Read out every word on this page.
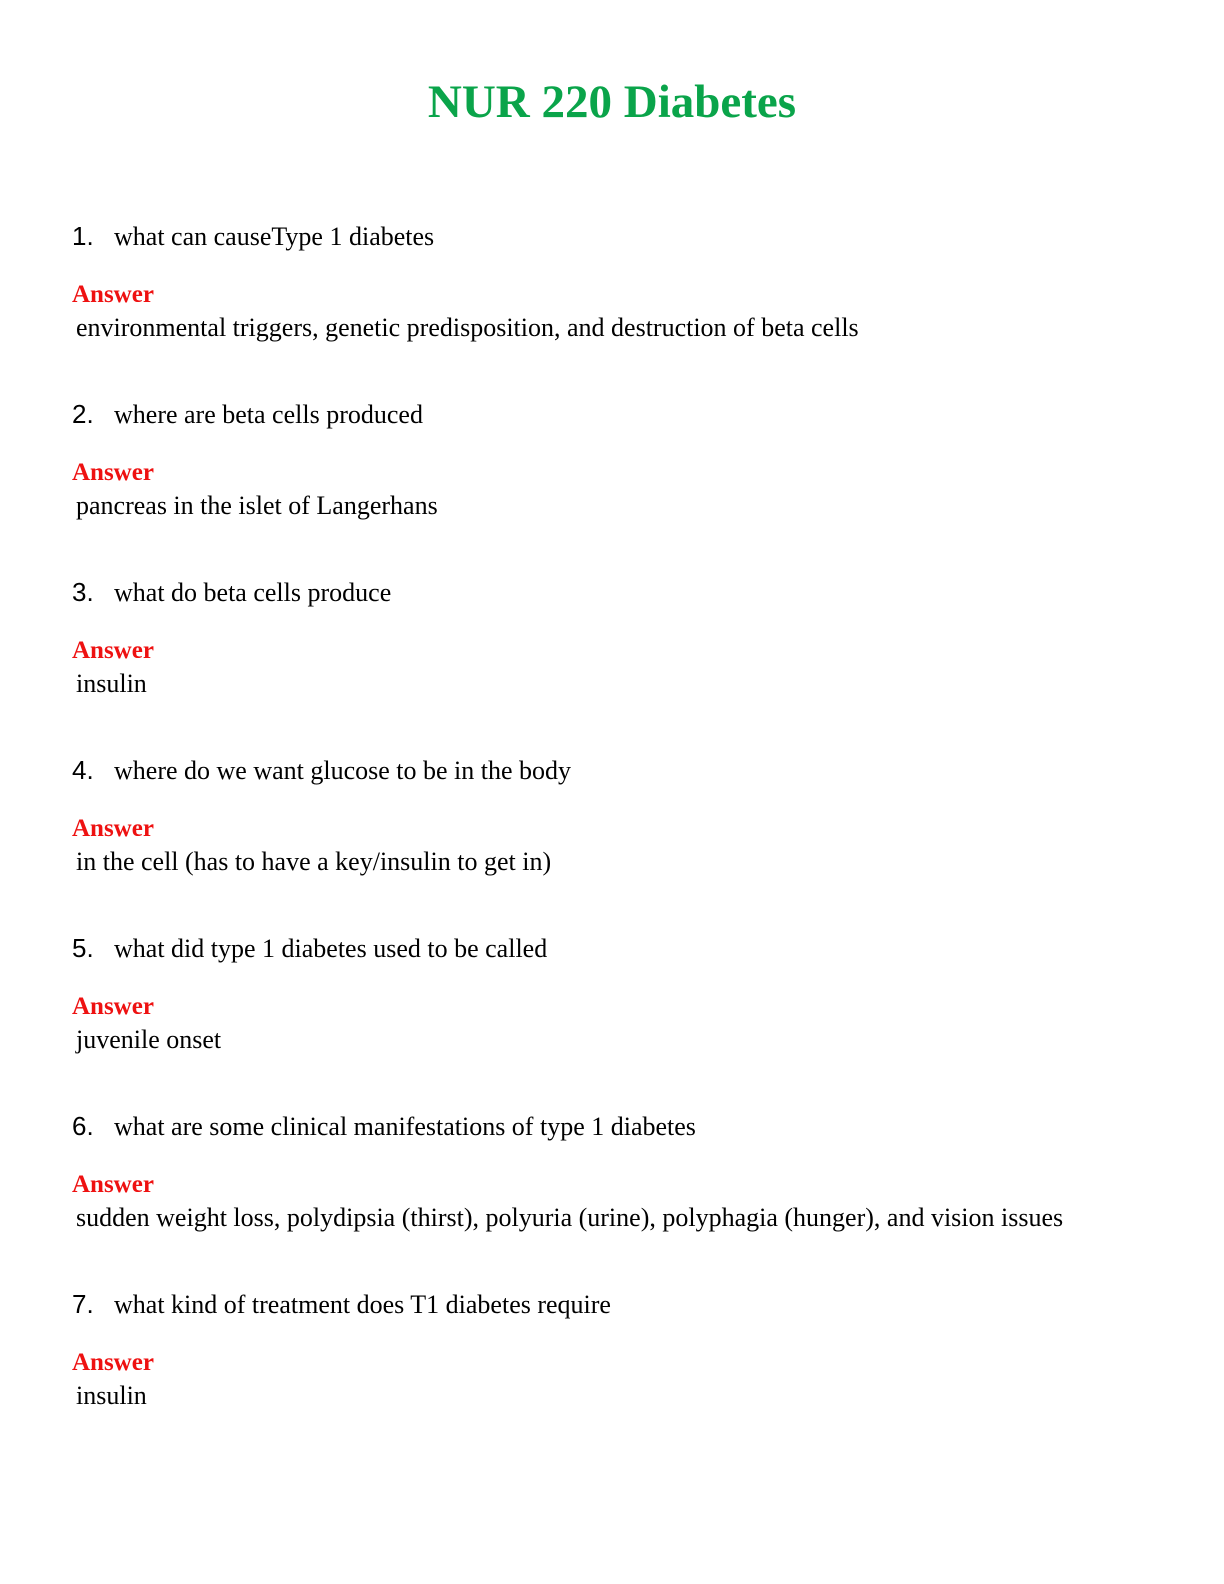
NUR 220 Diabetes
1. what can causeType 1 diabetes
Answer
environmental triggers, genetic predisposition, and destruction of beta cells
2. where are beta cells produced
Answer
pancreas in the islet of Langerhans
3. what do beta cells produce
Answer
insulin
4. where do we want glucose to be in the body
Answer
in the cell (has to have a key/insulin to get in)
5. what did type 1 diabetes used to be called
Answer
juvenile onset
6. what are some clinical manifestations of type 1 diabetes
Answer
sudden weight loss, polydipsia (thirst), polyuria (urine), polyphagia (hunger), and vision issues
7. what kind of treatment does T1 diabetes require
Answer
insulin
